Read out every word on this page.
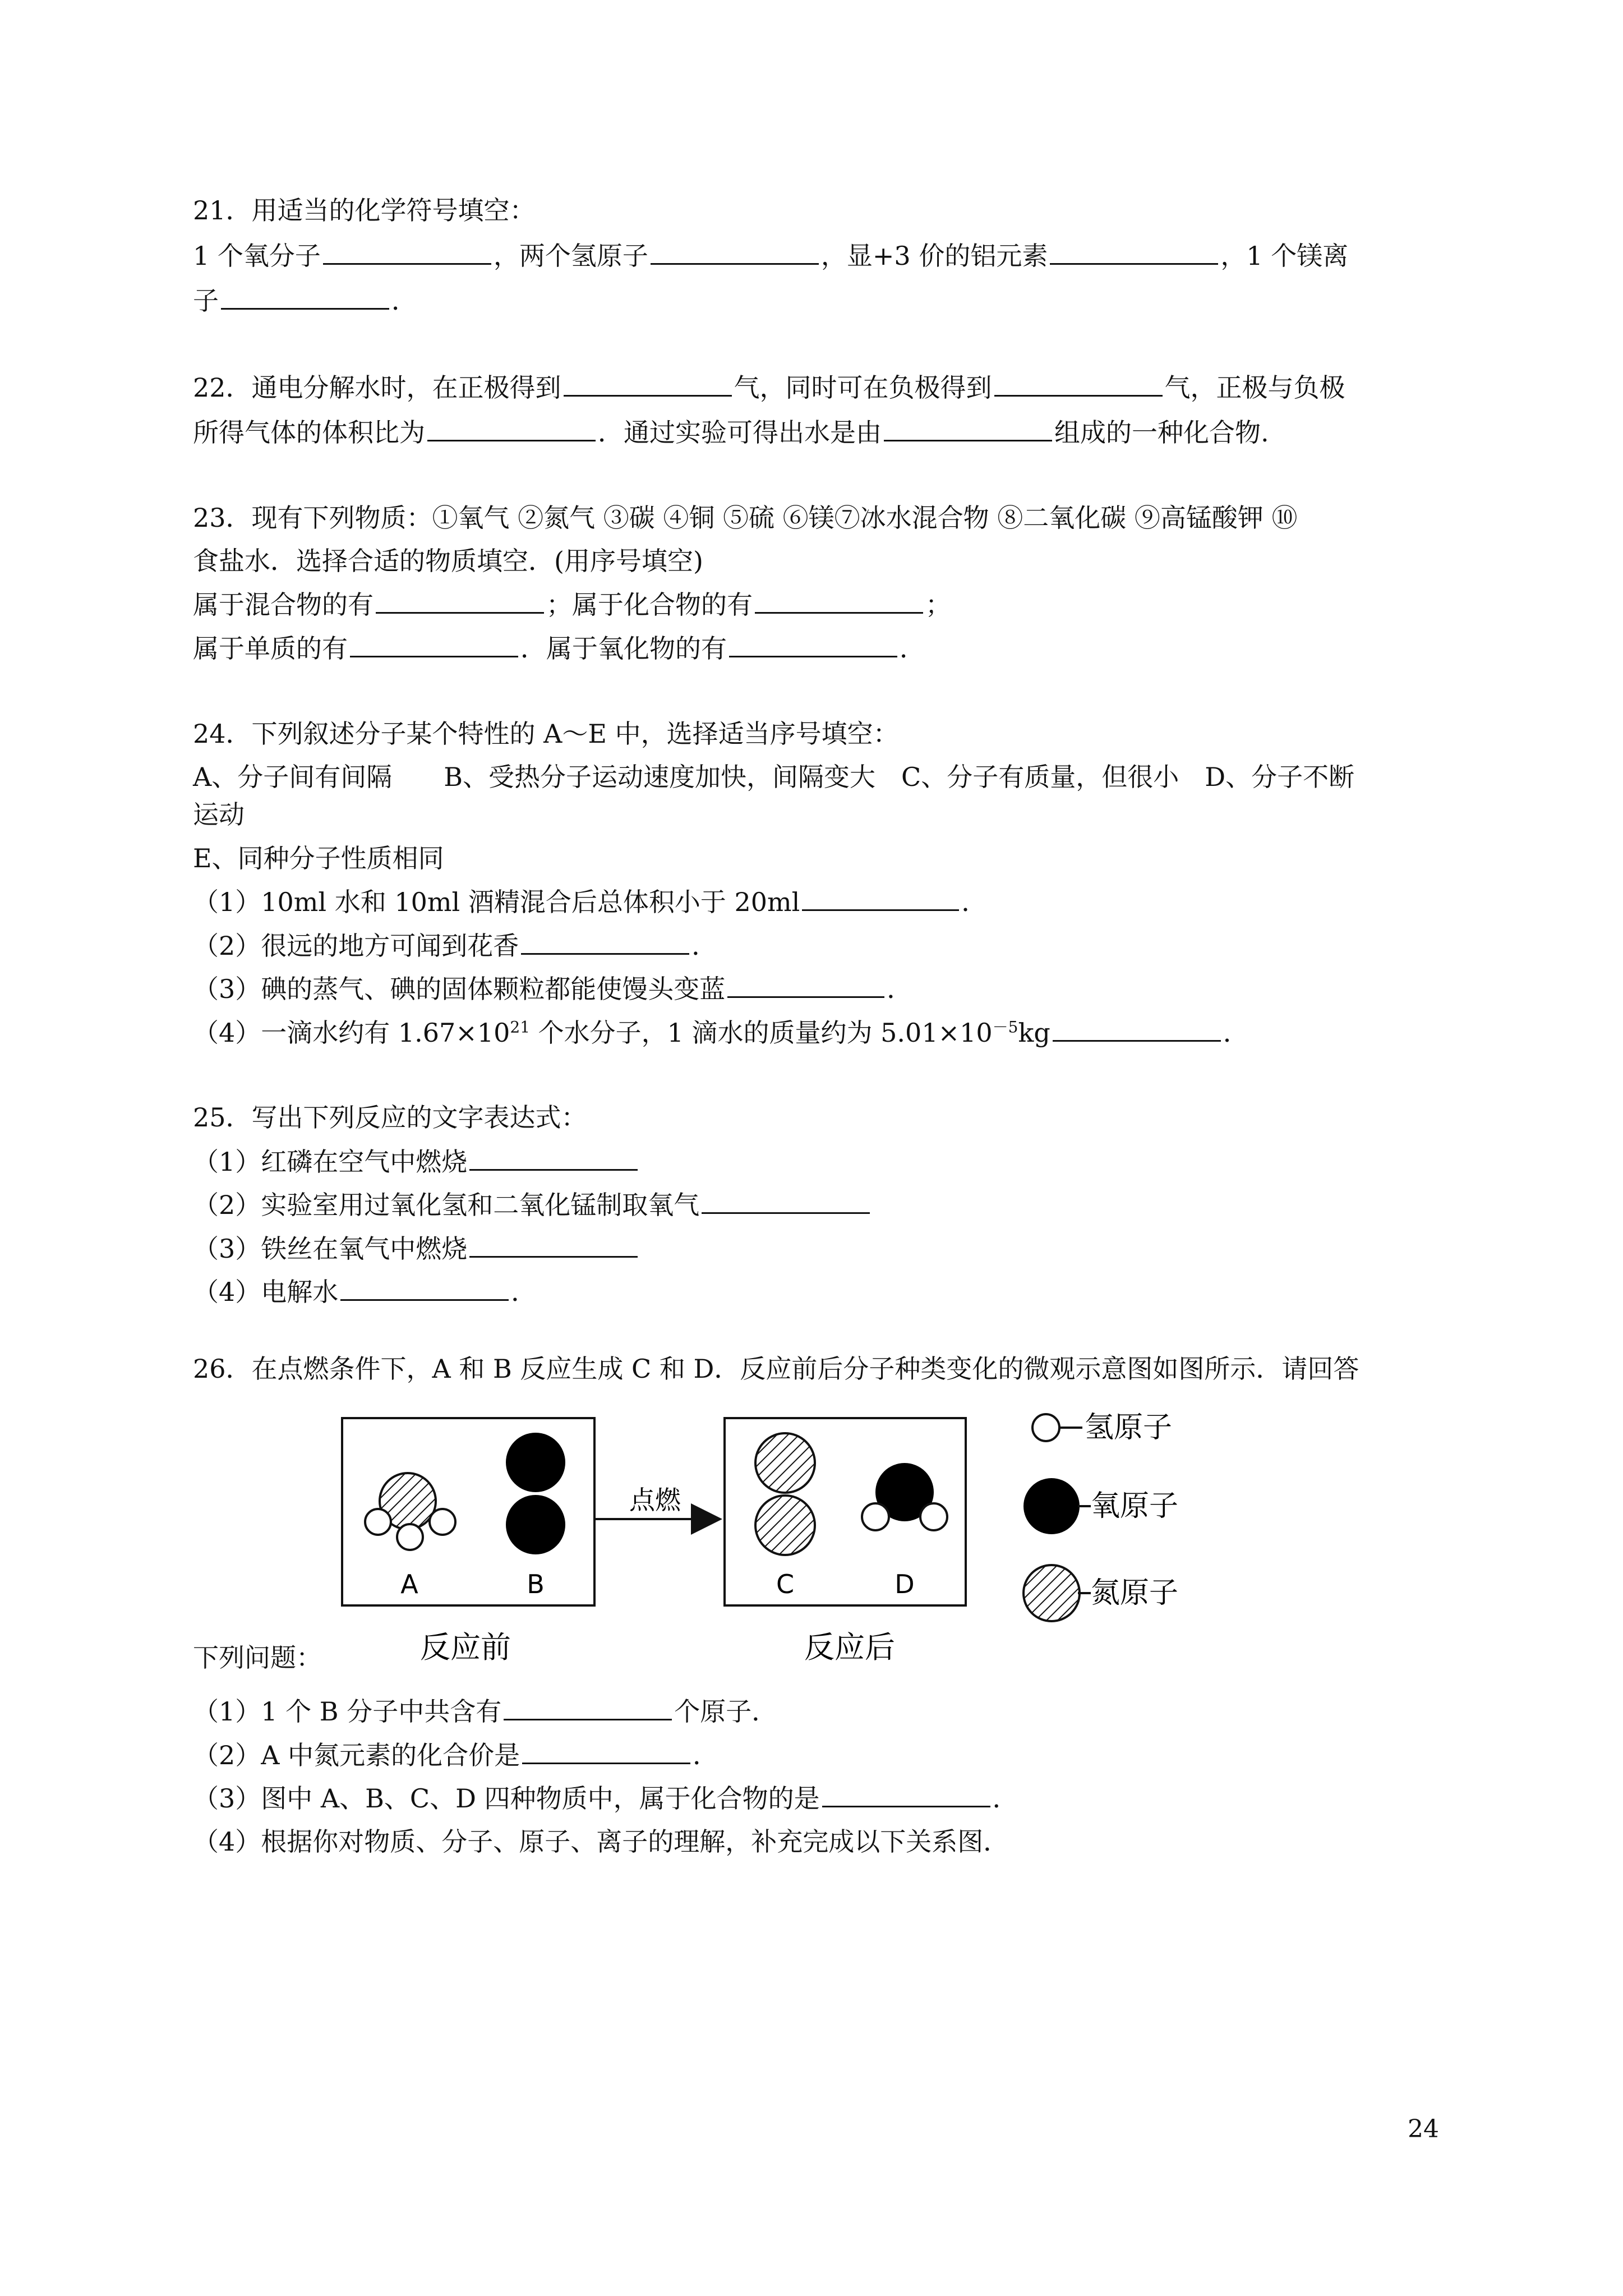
21．用适当的化学符号填空：
1 个氧分子	，两个氢原子	，显+3 价的铝元素	，1 个镁离
子	．
22．通电分解水时，在正极得到	气，同时可在负极得到	气，正极与负极
所得气体的体积比为	．通过实验可得出水是由	组成的一种化合物.
23．现有下列物质：①氧气 ②氮气 ③碳 ④铜 ⑤硫 ⑥镁⑦冰水混合物 ⑧二氧化碳 ⑨高锰酸钾 ⑩
食盐水．选择合适的物质填空．(用序号填空)
属于混合物的有	；属于化合物的有	；
属于单质的有	．属于氧化物的有	．
24．下列叙述分子某个特性的 A～E 中，选择适当序号填空：
A、分子间有间隔　　B、受热分子运动速度加快，间隔变大　C、分子有质量，但很小　D、分子不断
运动
E、同种分子性质相同
（1）10ml 水和 10ml 酒精混合后总体积小于 20ml	．
（2）很远的地方可闻到花香	．
（3）碘的蒸气、碘的固体颗粒都能使馒头变蓝	．
（4）一滴水约有 $1.67\times 10^{21}$ 个水分子，1 滴水的质量约为 $5.01\times 10^{-5}kg$	．
25．写出下列反应的文字表达式：
（1）红磷在空气中燃烧
（2）实验室用过氧化氢和二氧化锰制取氧气
（3）铁丝在氧气中燃烧
（4）电解水	．
26．在点燃条件下，A 和 B 反应生成 C 和 D．反应前后分子种类变化的微观示意图如图所示．请回答
A	B
反应前
点燃
C	D
反应后
氢原子
氧原子
氮原子
下列问题：
（1）1 个 B 分子中共含有	个原子．
（2）A 中氮元素的化合价是	．
（3）图中 A、B、C、D 四种物质中，属于化合物的是	．
（4）根据你对物质、分子、原子、离子的理解，补充完成以下关系图．
24
